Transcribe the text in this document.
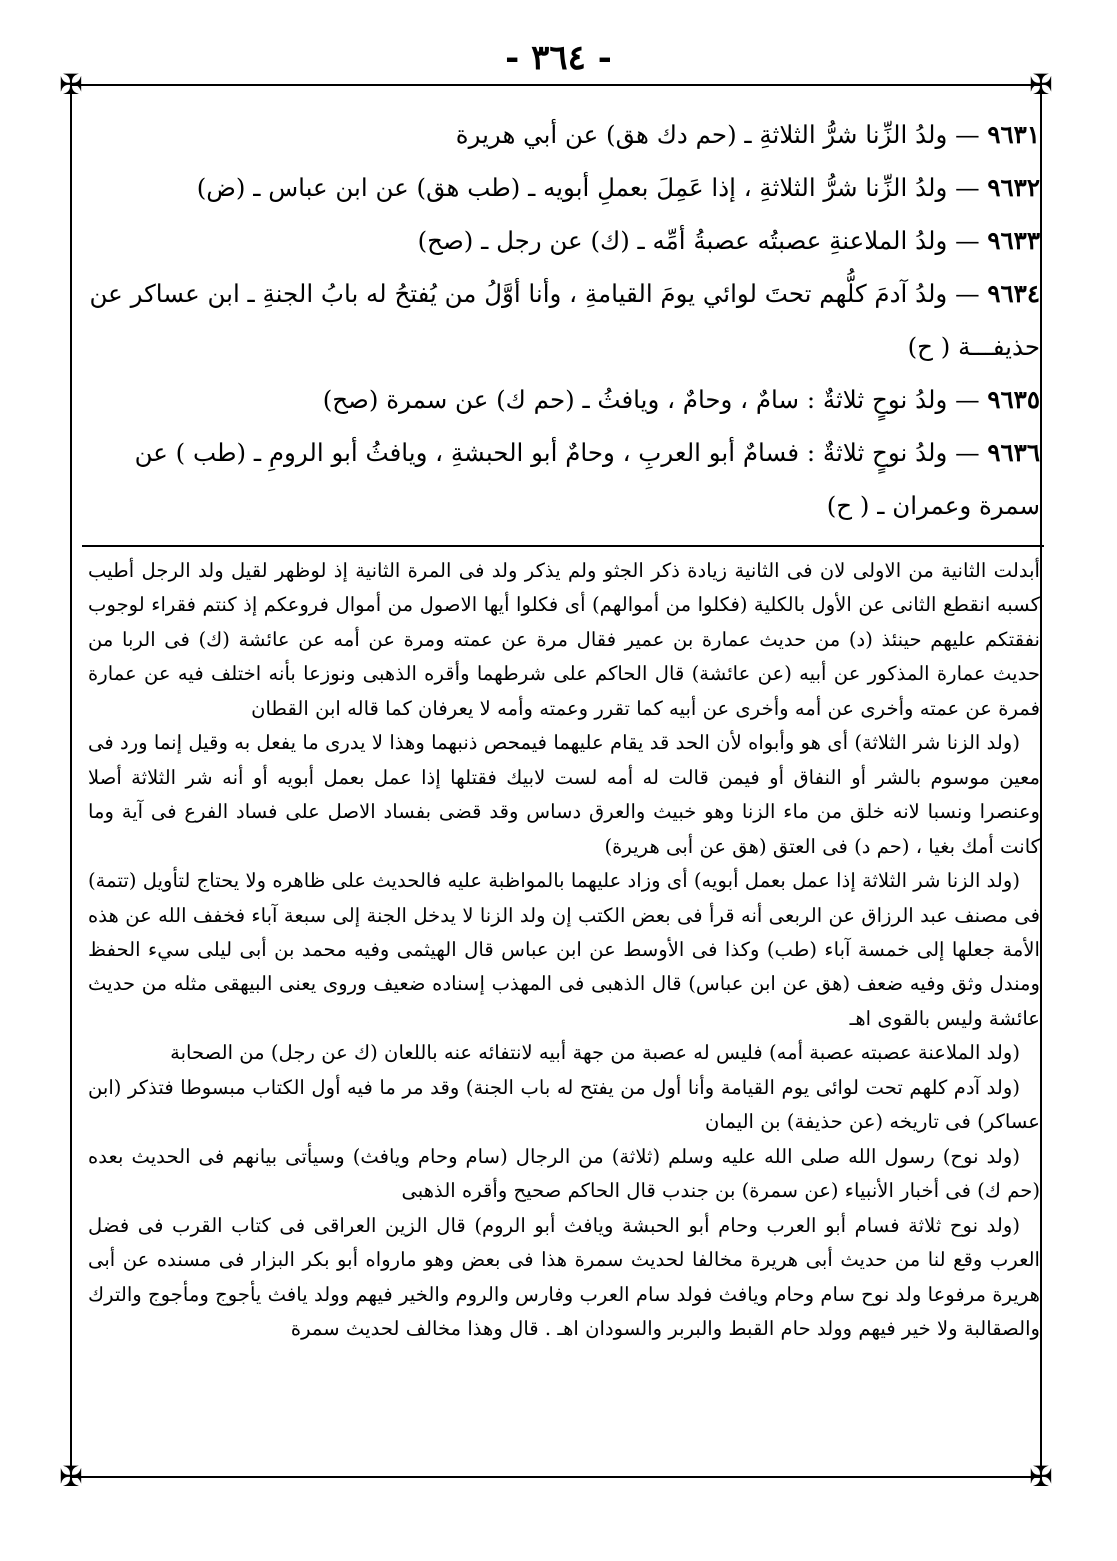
- ٣٦٤ -
✠	✠
✠	✠

٩٦٣١ — ولدُ الزِّنا شرُّ الثلاثةِ ـ (حم دك هق) عن أبي هريرة

٩٦٣٢ — ولدُ الزِّنا شرُّ الثلاثةِ ، إذا عَمِلَ بعملِ أبويه ـ (طب هق) عن ابن عباس ـ (ض)

٩٦٣٣ — ولدُ الملاعنةِ عصبتُه عصبةُ أمِّه ـ (ك) عن رجل ـ (صح)

٩٦٣٤ — ولدُ آدمَ كلُّهم تحتَ لوائي يومَ القيامةِ ، وأنا أوَّلُ من يُفتحُ له بابُ الجنةِ ـ ابن عساكر عن حذيفـــة ( ح)

٩٦٣٥ — ولدُ نوحٍ ثلاثةٌ : سامٌ ، وحامٌ ، ويافثُ ـ (حم ك) عن سمرة (صح)

٩٦٣٦ — ولدُ نوحٍ ثلاثةٌ : فسامٌ أبو العربِ ، وحامٌ أبو الحبشةِ ، ويافثُ أبو الرومِ ـ (طب ) عن سمرة وعمران ـ ( ح)

أبدلت الثانية من الاولى لان فى الثانية زيادة ذكر الجثو ولم يذكر ولد فى المرة الثانية إذ لوظهر لقيل ولد الرجل أطيب كسبه انقطع الثانى عن الأول بالكلية (فكلوا من أموالهم) أى فكلوا أيها الاصول من أموال فروعكم إذ كنتم فقراء لوجوب نفقتكم عليهم حينئذ (د) من حديث عمارة بن عمير فقال مرة عن عمته ومرة عن أمه عن عائشة (ك) فى الربا من حديث عمارة المذكور عن أبيه (عن عائشة) قال الحاكم على شرطهما وأقره الذهبى ونوزعا بأنه اختلف فيه عن عمارة فمرة عن عمته وأخرى عن أمه وأخرى عن أبيه كما تقرر وعمته وأمه لا يعرفان كما قاله ابن القطان

(ولد الزنا شر الثلاثة) أى هو وأبواه لأن الحد قد يقام عليهما فيمحص ذنبهما وهذا لا يدرى ما يفعل به وقيل إنما ورد فى معين موسوم بالشر أو النفاق أو فيمن قالت له أمه لست لابيك فقتلها إذا عمل بعمل أبويه أو أنه شر الثلاثة أصلا وعنصرا ونسبا لانه خلق من ماء الزنا وهو خبيث والعرق دساس وقد قضى بفساد الاصل على فساد الفرع فى آية وما كانت أمك بغيا ، (حم د) فى العتق (هق عن أبى هريرة)

(ولد الزنا شر الثلاثة إذا عمل بعمل أبويه) أى وزاد عليهما بالمواظبة عليه فالحديث على ظاهره ولا يحتاج لتأويل (تتمة) فى مصنف عبد الرزاق عن الربعى أنه قرأ فى بعض الكتب إن ولد الزنا لا يدخل الجنة إلى سبعة آباء فخفف الله عن هذه الأمة جعلها إلى خمسة آباء (طب) وكذا فى الأوسط عن ابن عباس قال الهيثمى وفيه محمد بن أبى ليلى سيء الحفظ ومندل وثق وفيه ضعف (هق عن ابن عباس) قال الذهبى فى المهذب إسناده ضعيف وروى يعنى البيهقى مثله من حديث عائشة وليس بالقوى اهـ

(ولد الملاعنة عصبته عصبة أمه) فليس له عصبة من جهة أبيه لانتفائه عنه باللعان (ك عن رجل) من الصحابة

(ولد آدم كلهم تحت لوائى يوم القيامة وأنا أول من يفتح له باب الجنة) وقد مر ما فيه أول الكتاب مبسوطا فتذكر (ابن عساكر) فى تاريخه (عن حذيفة) بن اليمان

(ولد نوح) رسول الله صلى الله عليه وسلم (ثلاثة) من الرجال (سام وحام ويافث) وسيأتى بيانهم فى الحديث بعده (حم ك) فى أخبار الأنبياء (عن سمرة) بن جندب قال الحاكم صحيح وأقره الذهبى

(ولد نوح ثلاثة فسام أبو العرب وحام أبو الحبشة ويافث أبو الروم) قال الزين العراقى فى كتاب القرب فى فضل العرب وقع لنا من حديث أبى هريرة مخالفا لحديث سمرة هذا فى بعض وهو مارواه أبو بكر البزار فى مسنده عن أبى هريرة مرفوعا ولد نوح سام وحام ويافث فولد سام العرب وفارس والروم والخير فيهم وولد يافث يأجوج ومأجوج والترك والصقالبة ولا خير فيهم وولد حام القبط والبربر والسودان اهـ . قال وهذا مخالف لحديث سمرة
